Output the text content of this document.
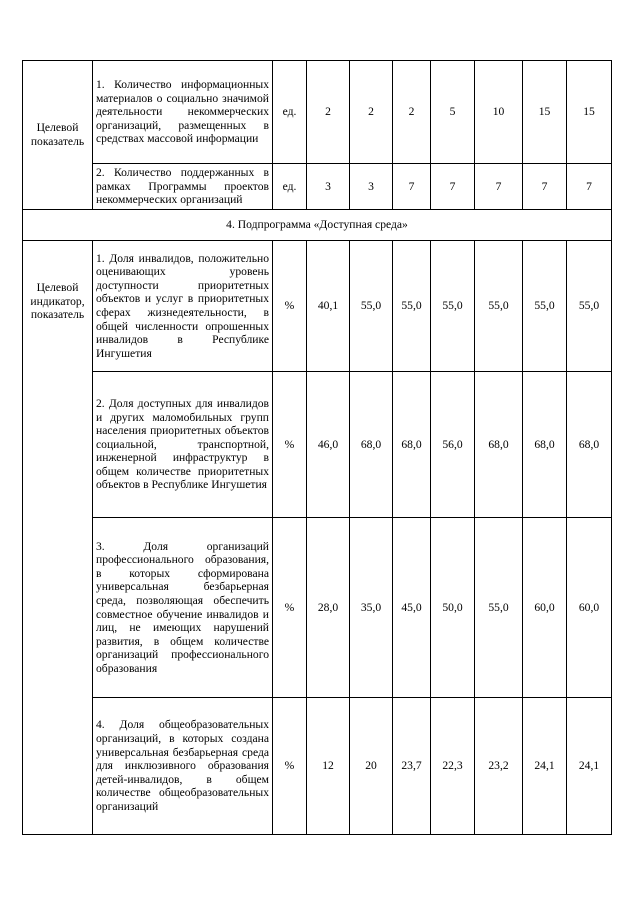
Целевой показатель	1. Количество информационных материалов о социально значимой деятельности некоммерческих организаций, размещенных в средствах массовой информации	ед.	2	2	2	5	10	15	15
	2. Количество поддержанных в рамках Программы проектов некоммерческих организаций	ед.	3	3	7	7	7	7	7
4. Подпрограмма «Доступная среда»									
Целевой индикатор, показатель	1. Доля инвалидов, положительно оценивающих уровень доступности приоритетных объектов и услуг в приоритетных сферах жизнедеятельности, в общей численности опрошенных инвалидов в Республике Ингушетия	%	40,1	55,0	55,0	55,0	55,0	55,0	55,0
	2. Доля доступных для инвалидов и других маломобильных групп населения приоритетных объектов социальной, транспортной, инженерной инфраструктур в общем количестве приоритетных объектов в Республике Ингушетия	%	46,0	68,0	68,0	56,0	68,0	68,0	68,0
	3. Доля организаций профессионального образования, в которых сформирована универсальная безбарьерная среда, позволяющая обеспечить совместное обучение инвалидов и лиц, не имеющих нарушений развития, в общем количестве организаций профессионального образования	%	28,0	35,0	45,0	50,0	55,0	60,0	60,0
	4. Доля общеобразовательных организаций, в которых создана универсальная безбарьерная среда для инклюзивного образования детей-инвалидов, в общем количестве общеобразовательных организаций	%	12	20	23,7	22,3	23,2	24,1	24,1
